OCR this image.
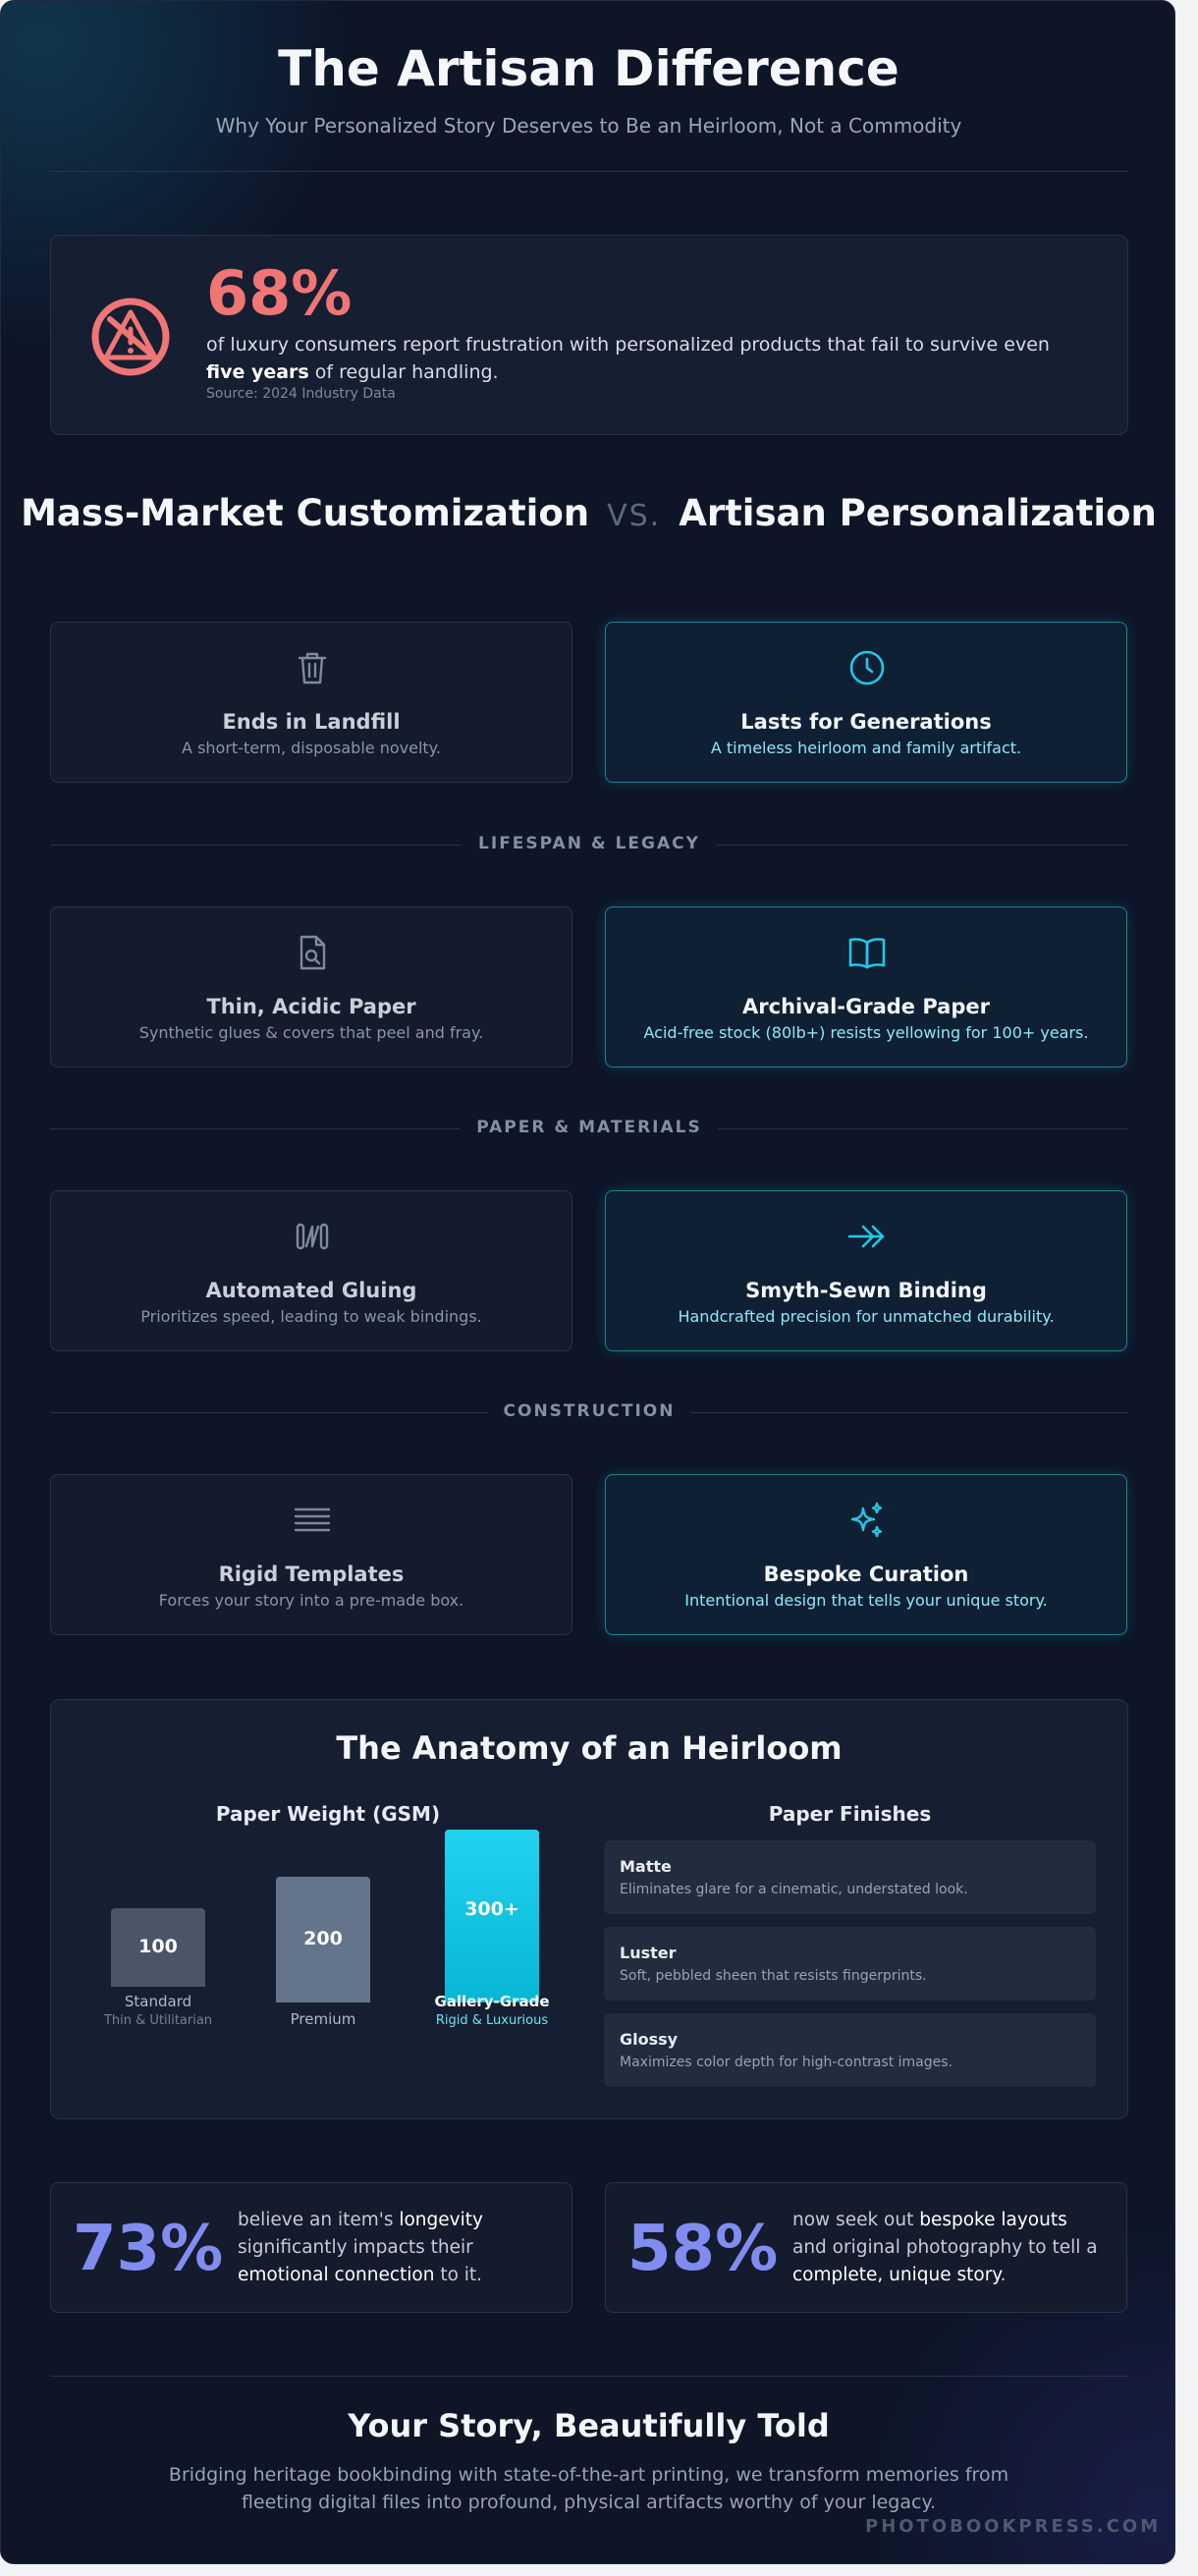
The Artisan Difference
Why Your Personalized Story Deserves to Be an Heirloom, Not a Commodity
68%
of luxury consumers report frustration with personalized products that fail to survive even five years of regular handling.
Source: 2024 Industry Data
Mass-Market Customization VS. Artisan Personalization
Ends in Landfill
A short-term, disposable novelty.
Lasts for Generations
A timeless heirloom and family artifact.
LIFESPAN & LEGACY
Thin, Acidic Paper
Synthetic glues & covers that peel and fray.
Archival-Grade Paper
Acid-free stock (80lb+) resists yellowing for 100+ years.
PAPER & MATERIALS
Automated Gluing
Prioritizes speed, leading to weak bindings.
Smyth-Sewn Binding
Handcrafted precision for unmatched durability.
CONSTRUCTION
Rigid Templates
Forces your story into a pre-made box.
Bespoke Curation
Intentional design that tells your unique story.
The Anatomy of an Heirloom
Paper Weight (GSM)
100
Standard
Thin & Utilitarian
200
Premium
300+
Gallery-Grade
Rigid & Luxurious
Paper Finishes
Matte
Eliminates glare for a cinematic, understated look.
Luster
Soft, pebbled sheen that resists fingerprints.
Glossy
Maximizes color depth for high-contrast images.
73% believe an item's longevity significantly impacts their emotional connection to it.	58% now seek out bespoke layouts and original photography to tell a complete, unique story.
Your Story, Beautifully Told
Bridging heritage bookbinding with state-of-the-art printing, we transform memories from fleeting digital files into profound, physical artifacts worthy of your legacy.
PHOTOBOOKPRESS.COM
